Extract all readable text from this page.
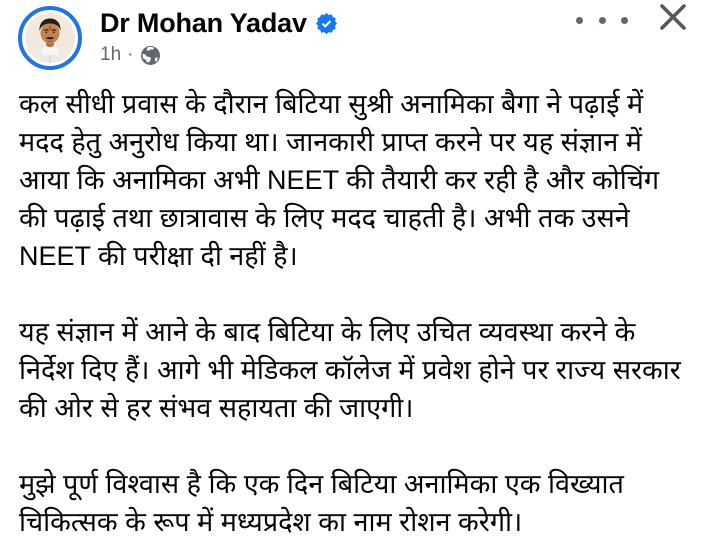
Dr Mohan Yadav
1h ·
कल सीधी प्रवास के दौरान बिटिया सुश्री अनामिका बैगा ने पढ़ाई में
मदद हेतु अनुरोध किया था। जानकारी प्राप्त करने पर यह संज्ञान में
आया कि अनामिका अभी NEET की तैयारी कर रही है और कोचिंग
की पढ़ाई तथा छात्रावास के लिए मदद चाहती है। अभी तक उसने
NEET की परीक्षा दी नहीं है।
यह संज्ञान में आने के बाद बिटिया के लिए उचित व्यवस्था करने के
निर्देश दिए हैं। आगे भी मेडिकल कॉलेज में प्रवेश होने पर राज्य सरकार
की ओर से हर संभव सहायता की जाएगी।
मुझे पूर्ण विश्वास है कि एक दिन बिटिया अनामिका एक विख्यात
चिकित्सक के रूप में मध्यप्रदेश का नाम रोशन करेगी।
